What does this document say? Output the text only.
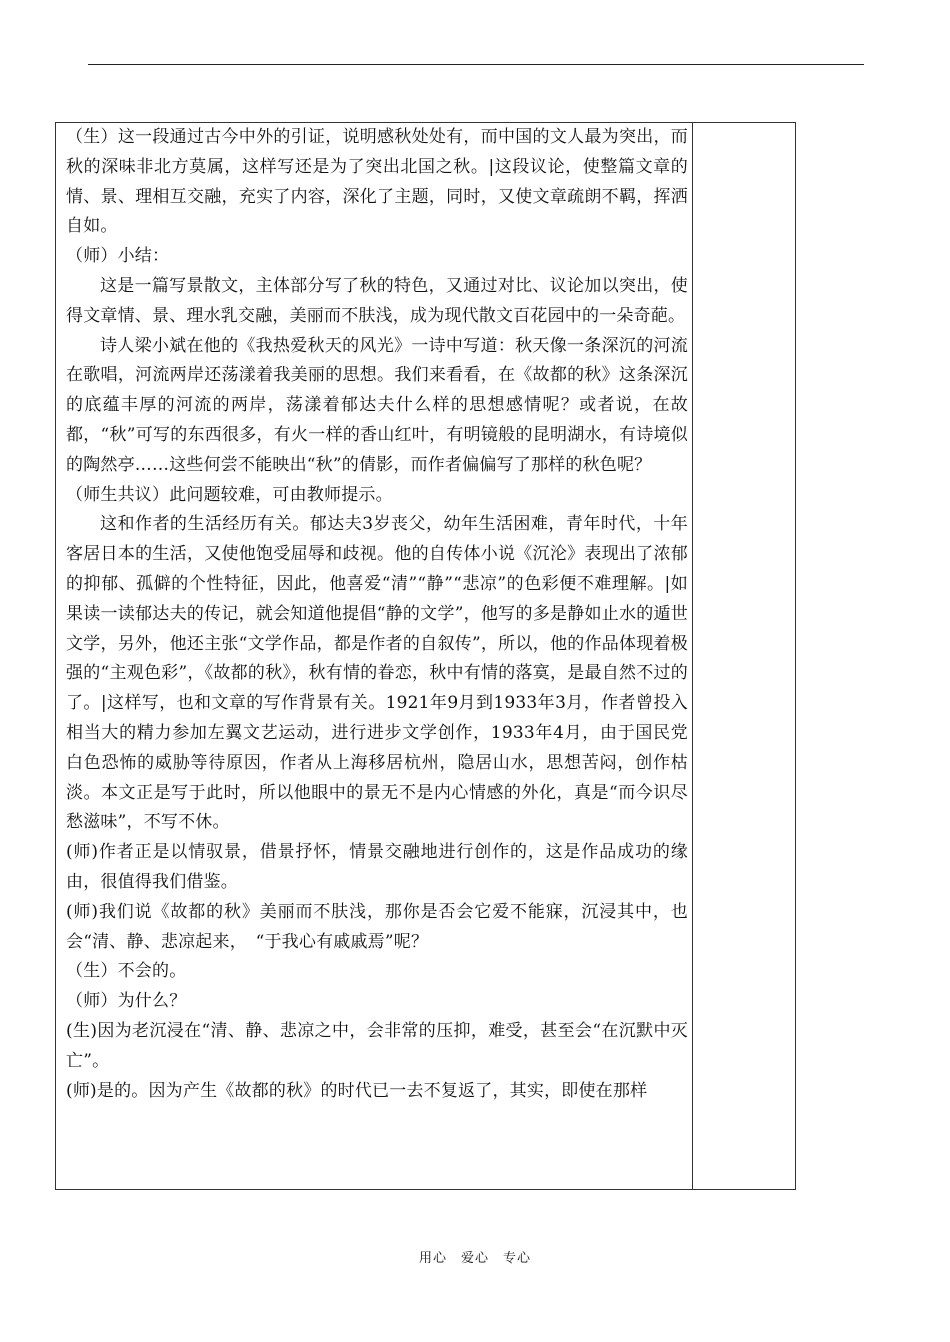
（生）这一段通过古今中外的引证，说明感秋处处有，而中国的文人最为突出，而秋的深味非北方莫属，这样写还是为了突出北国之秋。|这段议论，使整篇文章的情、景、理相互交融，充实了内容，深化了主题，同时，又使文章疏朗不羁，挥洒自如。

（师）小结：

这是一篇写景散文，主体部分写了秋的特色，又通过对比、议论加以突出，使得文章情、景、理水乳交融，美丽而不肤浅，成为现代散文百花园中的一朵奇葩。

诗人梁小斌在他的《我热爱秋天的风光》一诗中写道：秋天像一条深沉的河流在歌唱，河流两岸还荡漾着我美丽的思想。我们来看看，在《故都的秋》这条深沉的底蕴丰厚的河流的两岸，荡漾着郁达夫什么样的思想感情呢？或者说，在故都，“秋”可写的东西很多，有火一样的香山红叶，有明镜般的昆明湖水，有诗境似的陶然亭……这些何尝不能映出“秋”的倩影，而作者偏偏写了那样的秋色呢？

（师生共议）此问题较难，可由教师提示。

这和作者的生活经历有关。郁达夫3岁丧父，幼年生活困难，青年时代，十年客居日本的生活，又使他饱受屈辱和歧视。他的自传体小说《沉沦》表现出了浓郁的抑郁、孤僻的个性特征，因此，他喜爱“清”“静”“悲凉”的色彩便不难理解。|如果读一读郁达夫的传记，就会知道他提倡“静的文学”，他写的多是静如止水的遁世文学，另外，他还主张“文学作品，都是作者的自叙传”，所以，他的作品体现着极强的“主观色彩”，《故都的秋》，秋有情的眷恋，秋中有情的落寞，是最自然不过的了。|这样写，也和文章的写作背景有关。1921年9月到1933年3月，作者曾投入相当大的精力参加左翼文艺运动，进行进步文学创作，1933年4月，由于国民党白色恐怖的威胁等待原因，作者从上海移居杭州，隐居山水，思想苦闷，创作枯淡。本文正是写于此时，所以他眼中的景无不是内心情感的外化，真是“而今识尽愁滋味”，不写不休。

(师)作者正是以情驭景，借景抒怀，情景交融地进行创作的，这是作品成功的缘由，很值得我们借鉴。

(师)我们说《故都的秋》美丽而不肤浅，那你是否会它爱不能寐，沉浸其中，也会“清、静、悲凉起来，　“于我心有戚戚焉”呢？

（生）不会的。

（师）为什么？

(生)因为老沉浸在“清、静、悲凉之中，会非常的压抑，难受，甚至会“在沉默中灭亡”。

(师)是的。因为产生《故都的秋》的时代已一去不复返了，其实，即使在那样

用心　爱心　专心
